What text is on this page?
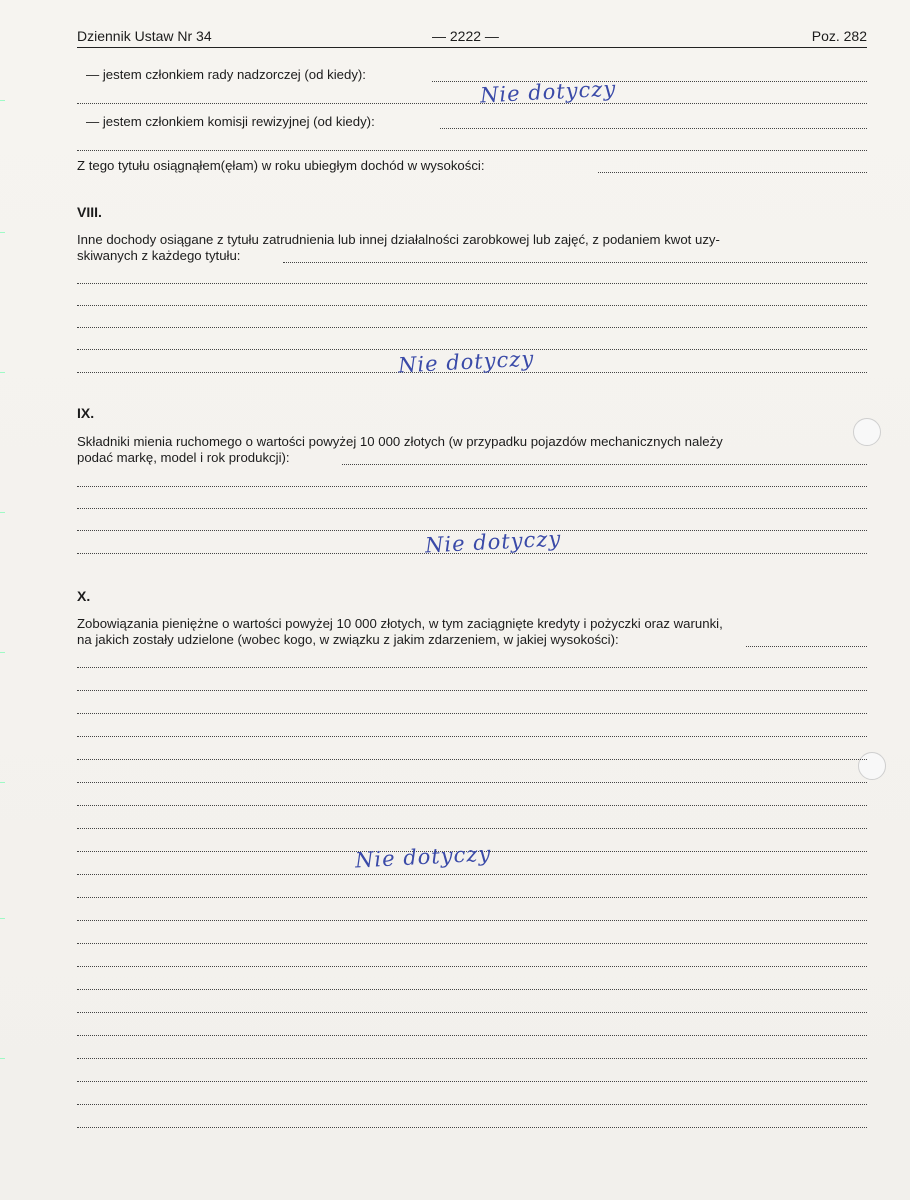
Dziennik Ustaw Nr 34	— 2222 —	Poz. 282
— jestem członkiem rady nadzorczej (od kiedy):
Nie dotyczy
— jestem członkiem komisji rewizyjnej (od kiedy):
Z tego tytułu osiągnąłem(ęłam) w roku ubiegłym dochód w wysokości:
VIII.
Inne dochody osiągane z tytułu zatrudnienia lub innej działalności zarobkowej lub zajęć, z podaniem kwot uzy-
skiwanych z każdego tytułu:
Nie dotyczy
IX.
Składniki mienia ruchomego o wartości powyżej 10 000 złotych (w przypadku pojazdów mechanicznych należy
podać markę, model i rok produkcji):
Nie dotyczy
X.
Zobowiązania pieniężne o wartości powyżej 10 000 złotych, w tym zaciągnięte kredyty i pożyczki oraz warunki,
na jakich zostały udzielone (wobec kogo, w związku z jakim zdarzeniem, w jakiej wysokości):
Nie dotyczy
